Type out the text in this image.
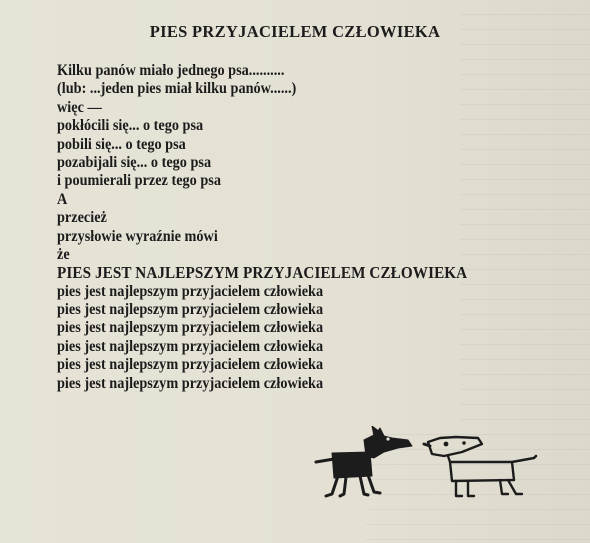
PIES PRZYJACIELEM CZŁOWIEKA
Kilku panów miało jednego psa..........
(lub: ...jeden pies miał kilku panów......)
więc —
pokłócili się... o tego psa
pobili się... o tego psa
pozabijali się... o tego psa
i poumierali przez tego psa
A
przecież
przysłowie wyraźnie mówi
że
PIES JEST NAJLEPSZYM PRZYJACIELEM CZŁOWIEKA
pies jest najlepszym przyjacielem człowieka
pies jest najlepszym przyjacielem człowieka
pies jest najlepszym przyjacielem człowieka
pies jest najlepszym przyjacielem człowieka
pies jest najlepszym przyjacielem człowieka
pies jest najlepszym przyjacielem człowieka
